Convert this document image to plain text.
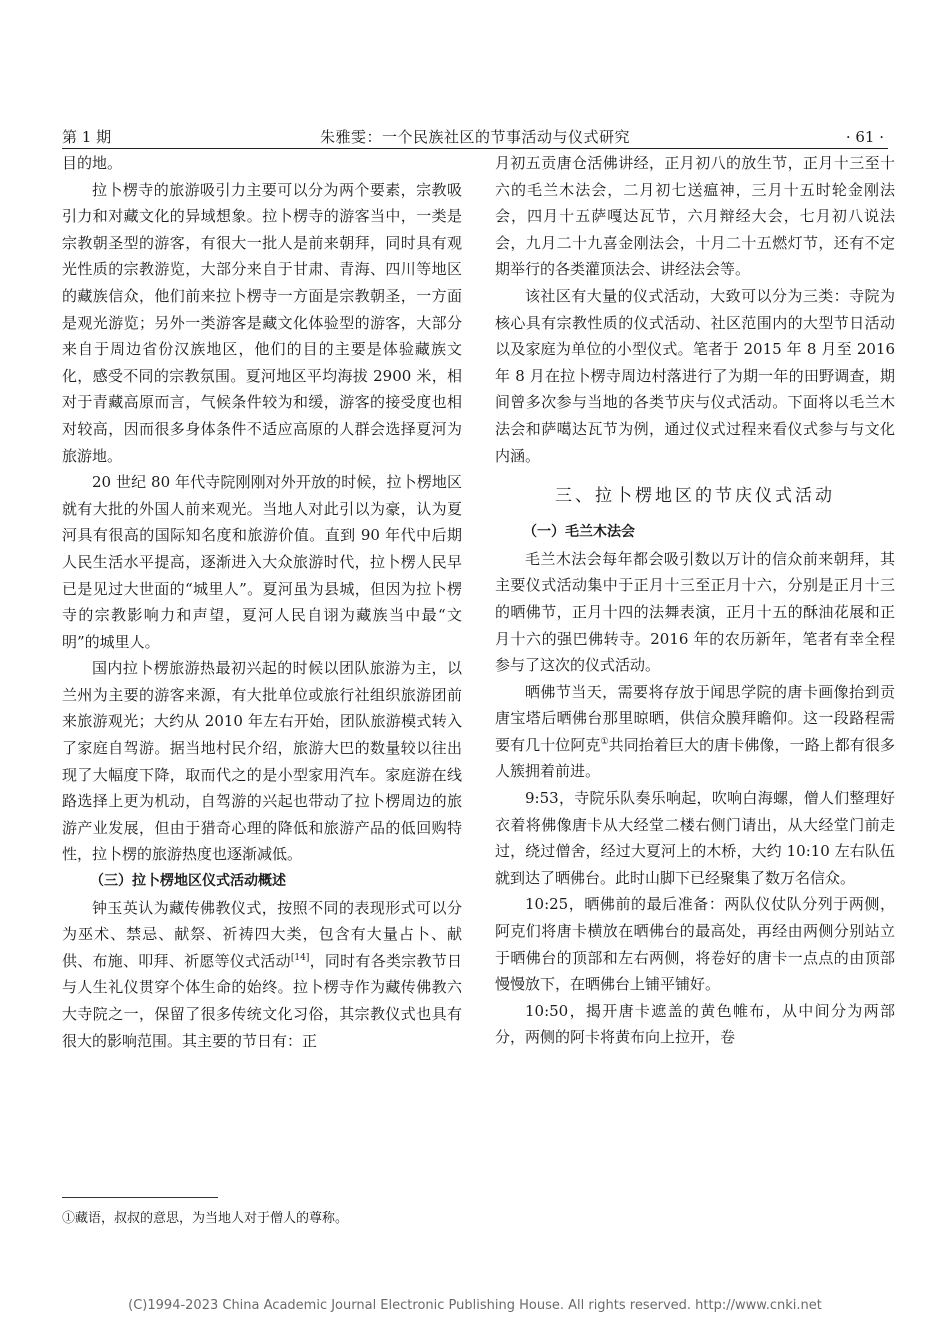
第 1 期	朱雅雯：一个民族社区的节事活动与仪式研究	· 61 ·

目的地。

拉卜楞寺的旅游吸引力主要可以分为两个要素，宗教吸引力和对藏文化的异域想象。拉卜楞寺的游客当中，一类是宗教朝圣型的游客，有很大一批人是前来朝拜，同时具有观光性质的宗教游览，大部分来自于甘肃、青海、四川等地区的藏族信众，他们前来拉卜楞寺一方面是宗教朝圣，一方面是观光游览；另外一类游客是藏文化体验型的游客，大部分来自于周边省份汉族地区，他们的目的主要是体验藏族文化，感受不同的宗教氛围。夏河地区平均海拔 2900 米，相对于青藏高原而言，气候条件较为和缓，游客的接受度也相对较高，因而很多身体条件不适应高原的人群会选择夏河为旅游地。

20 世纪 80 年代寺院刚刚对外开放的时候，拉卜楞地区就有大批的外国人前来观光。当地人对此引以为豪，认为夏河具有很高的国际知名度和旅游价值。直到 90 年代中后期人民生活水平提高，逐渐进入大众旅游时代，拉卜楞人民早已是见过大世面的“城里人”。夏河虽为县城，但因为拉卜楞寺的宗教影响力和声望，夏河人民自诩为藏族当中最“文明”的城里人。

国内拉卜楞旅游热最初兴起的时候以团队旅游为主，以兰州为主要的游客来源，有大批单位或旅行社组织旅游团前来旅游观光；大约从 2010 年左右开始，团队旅游模式转入了家庭自驾游。据当地村民介绍，旅游大巴的数量较以往出现了大幅度下降，取而代之的是小型家用汽车。家庭游在线路选择上更为机动，自驾游的兴起也带动了拉卜楞周边的旅游产业发展，但由于猎奇心理的降低和旅游产品的低回购特性，拉卜楞的旅游热度也逐渐减低。

（三）拉卜楞地区仪式活动概述

钟玉英认为藏传佛教仪式，按照不同的表现形式可以分为巫术、禁忌、献祭、祈祷四大类，包含有大量占卜、献供、布施、叩拜、祈愿等仪式活动[14]，同时有各类宗教节日与人生礼仪贯穿个体生命的始终。拉卜楞寺作为藏传佛教六大寺院之一，保留了很多传统文化习俗，其宗教仪式也具有很大的影响范围。其主要的节日有：正

月初五贡唐仓活佛讲经，正月初八的放生节，正月十三至十六的毛兰木法会，二月初七送瘟神，三月十五时轮金刚法会，四月十五萨嘎达瓦节，六月辩经大会，七月初八说法会，九月二十九喜金刚法会，十月二十五燃灯节，还有不定期举行的各类灌顶法会、讲经法会等。

该社区有大量的仪式活动，大致可以分为三类：寺院为核心具有宗教性质的仪式活动、社区范围内的大型节日活动以及家庭为单位的小型仪式。笔者于 2015 年 8 月至 2016 年 8 月在拉卜楞寺周边村落进行了为期一年的田野调查，期间曾多次参与当地的各类节庆与仪式活动。下面将以毛兰木法会和萨噶达瓦节为例，通过仪式过程来看仪式参与与文化内涵。

三、拉卜楞地区的节庆仪式活动
（一）毛兰木法会

毛兰木法会每年都会吸引数以万计的信众前来朝拜，其主要仪式活动集中于正月十三至正月十六，分别是正月十三的晒佛节，正月十四的法舞表演，正月十五的酥油花展和正月十六的强巴佛转寺。2016 年的农历新年，笔者有幸全程参与了这次的仪式活动。

晒佛节当天，需要将存放于闻思学院的唐卡画像抬到贡唐宝塔后晒佛台那里晾晒，供信众膜拜瞻仰。这一段路程需要有几十位阿克①共同抬着巨大的唐卡佛像，一路上都有很多人簇拥着前进。

9:53，寺院乐队奏乐响起，吹响白海螺，僧人们整理好衣着将佛像唐卡从大经堂二楼右侧门请出，从大经堂门前走过，绕过僧舍，经过大夏河上的木桥，大约 10:10 左右队伍就到达了晒佛台。此时山脚下已经聚集了数万名信众。

10:25，晒佛前的最后准备：两队仪仗队分列于两侧，阿克们将唐卡横放在晒佛台的最高处，再经由两侧分别站立于晒佛台的顶部和左右两侧，将卷好的唐卡一点点的由顶部慢慢放下，在晒佛台上铺平铺好。

10:50，揭开唐卡遮盖的黄色帷布，从中间分为两部分，两侧的阿卡将黄布向上拉开，卷

①藏语，叔叔的意思，为当地人对于僧人的尊称。
(C)1994-2023 China Academic Journal Electronic Publishing House. All rights reserved. http://www.cnki.net
